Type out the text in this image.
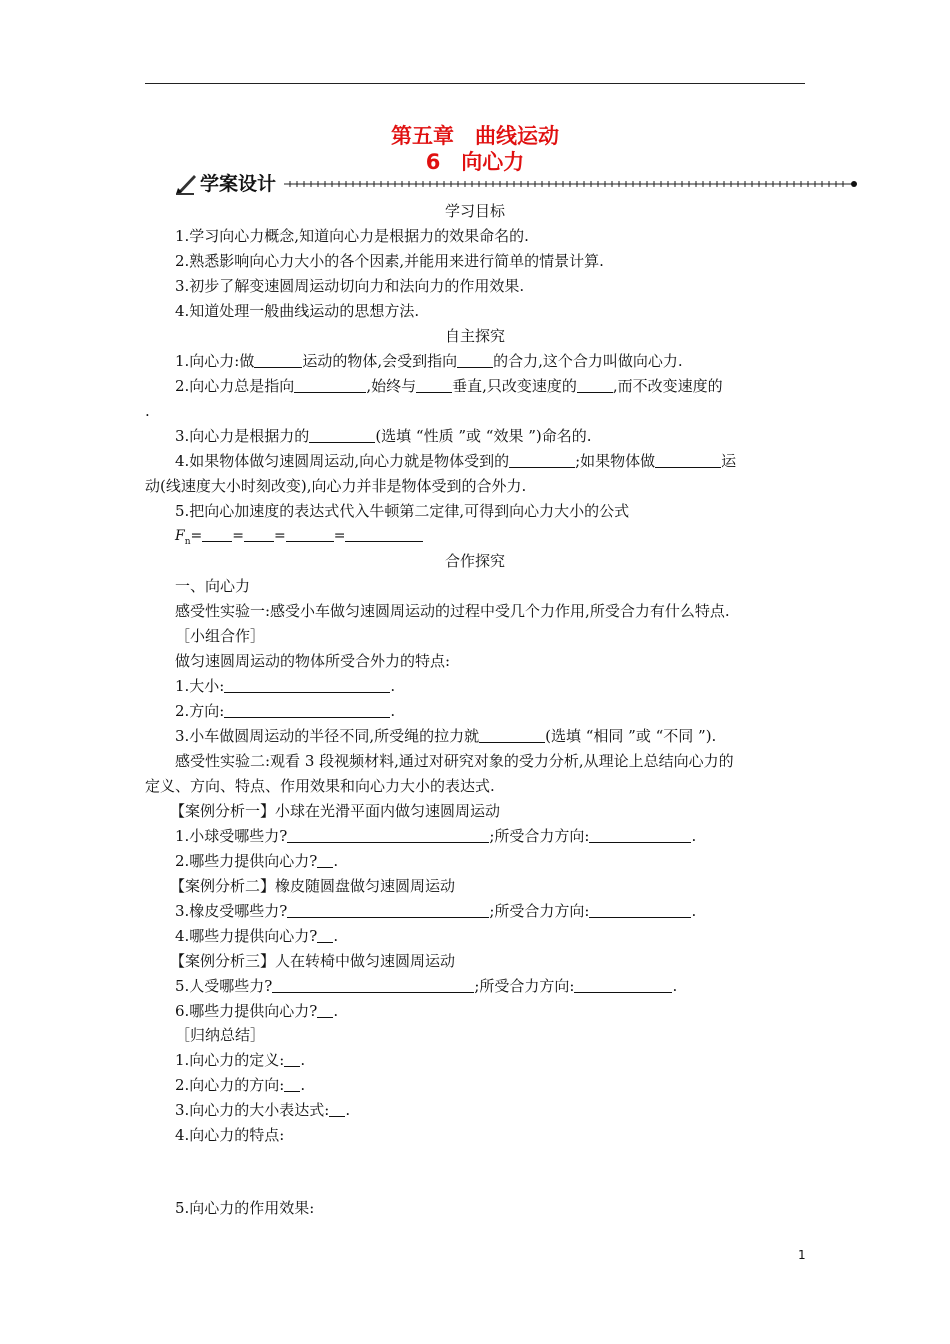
第五章　曲线运动
6　向心力
学案设计
学习目标
1.学习向心力概念,知道向心力是根据力的效果命名的.
2.熟悉影响向心力大小的各个因素,并能用来进行简单的情景计算.
3.初步了解变速圆周运动切向力和法向力的作用效果.
4.知道处理一般曲线运动的思想方法.
自主探究
1.向心力:做	运动的物体,会受到指向 的合力,这个合力叫做向心力.
2.向心力总是指向	,始终与 垂直,只改变速度的 ,而不改变速度的
.
3.向心力是根据力的	(选填 “性质 ”或 “效果 ”)命名的.
4.如果物体做匀速圆周运动,向心力就是物体受到的	;如果物体做	运
动(线速度大小时刻改变),向心力并非是物体受到的合外力.
5.把向心加速度的表达式代入牛顿第二定律,可得到向心力大小的公式
$F_n=$ = =	=
合作探究
一、向心力
感受性实验一:感受小车做匀速圆周运动的过程中受几个力作用,所受合力有什么特点.
［小组合作］
做匀速圆周运动的物体所受合外力的特点:
1.大小:	.
2.方向:	.
3.小车做圆周运动的半径不同,所受绳的拉力就	(选填 “相同 ”或 “不同 ”).
感受性实验二:观看 3 段视频材料,通过对研究对象的受力分析,从理论上总结向心力的
定义、方向、特点、作用效果和向心力大小的表达式.
【案例分析一】小球在光滑平面内做匀速圆周运动
1.小球受哪些力?	;所受合力方向:	.
2.哪些力提供向心力? .
【案例分析二】橡皮随圆盘做匀速圆周运动
3.橡皮受哪些力?	;所受合力方向:	.
4.哪些力提供向心力? .
【案例分析三】人在转椅中做匀速圆周运动
5.人受哪些力?	;所受合力方向:	.
6.哪些力提供向心力? .
［归纳总结］
1.向心力的定义: .
2.向心力的方向: .
3.向心力的大小表达式: .
4.向心力的特点:
5.向心力的作用效果:
1
